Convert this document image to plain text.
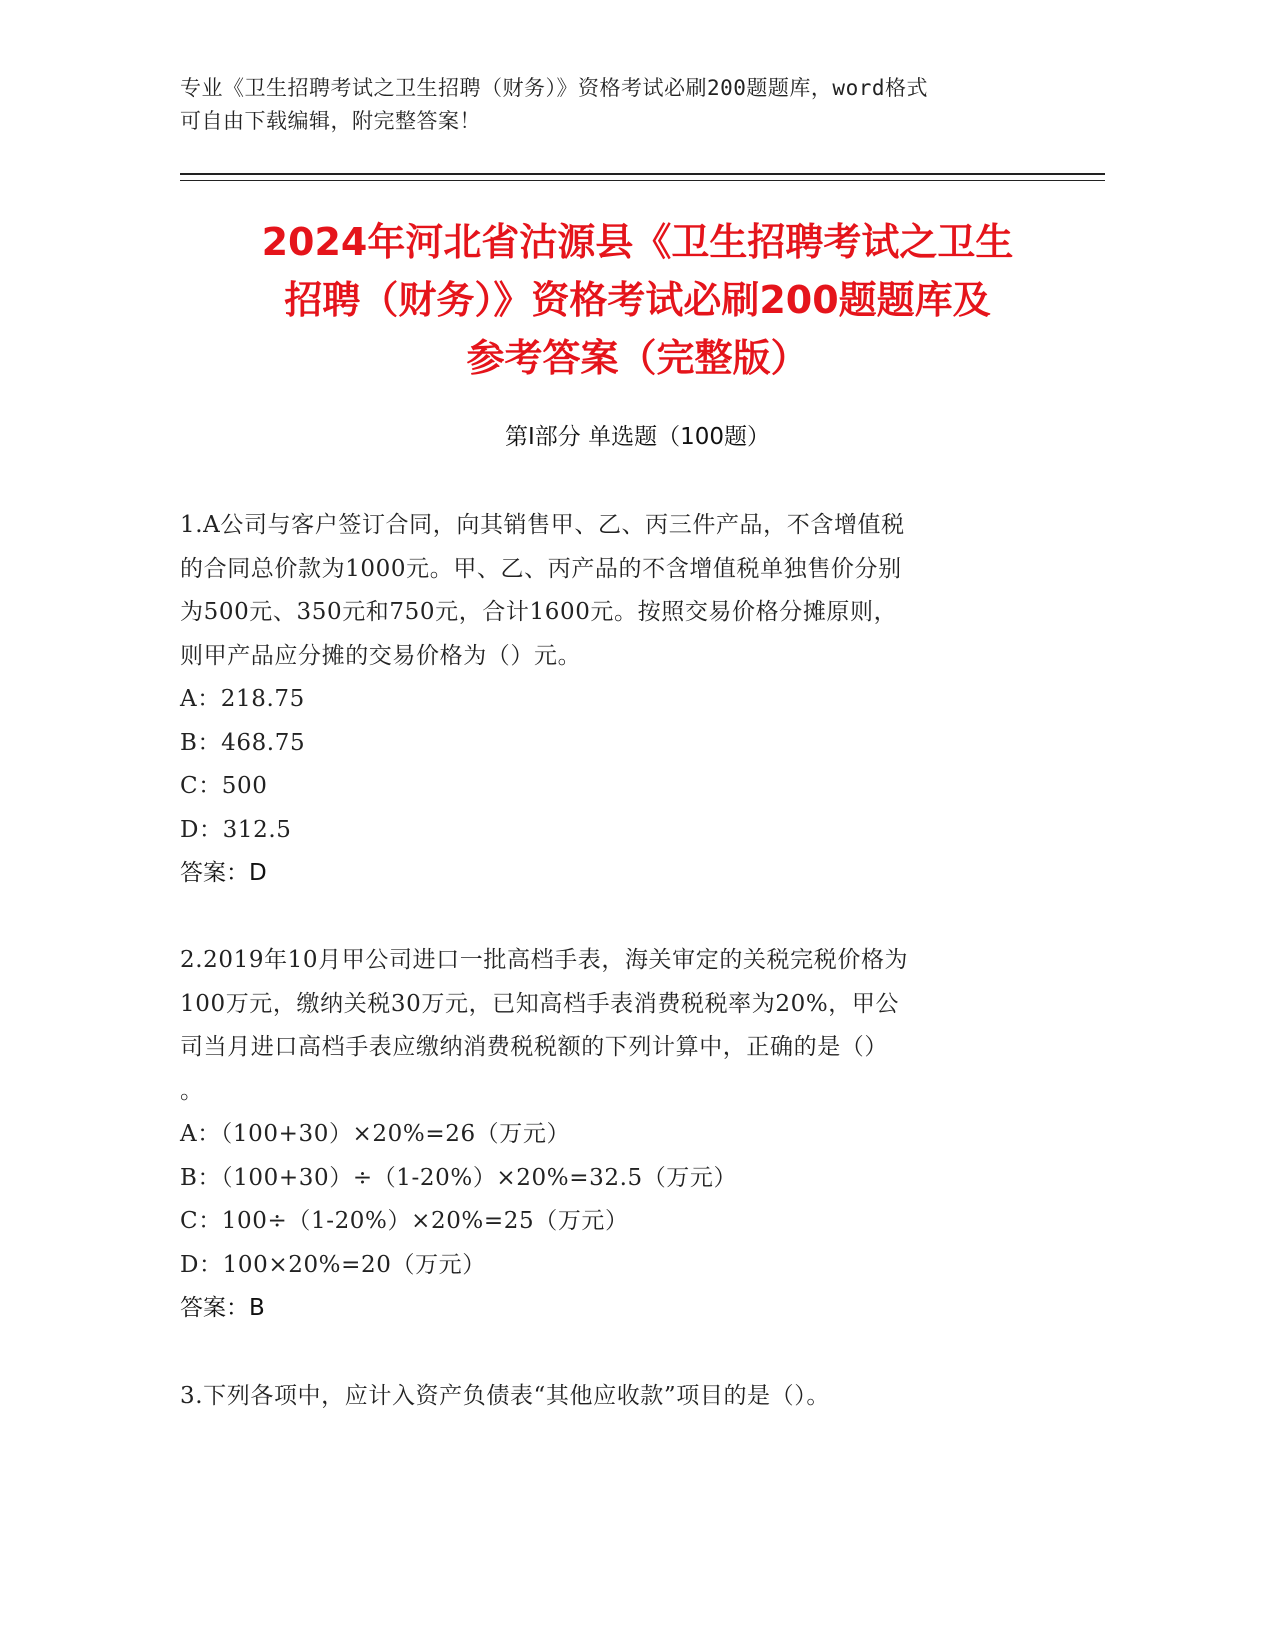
专业《卫生招聘考试之卫生招聘（财务）》资格考试必刷200题题库，word格式
可自由下载编辑，附完整答案！
2024年河北省沽源县《卫生招聘考试之卫生
招聘（财务）》资格考试必刷200题题库及
参考答案（完整版）
第Ⅰ部分 单选题（100题）
1.A公司与客户签订合同，向其销售甲、乙、丙三件产品，不含增值税
的合同总价款为1000元。甲、乙、丙产品的不含增值税单独售价分别
为500元、350元和750元，合计1600元。按照交易价格分摊原则，
则甲产品应分摊的交易价格为（）元。
A：218.75
B：468.75
C：500
D：312.5
答案：D
2.2019年10月甲公司进口一批高档手表，海关审定的关税完税价格为
100万元，缴纳关税30万元，已知高档手表消费税税率为20%，甲公
司当月进口高档手表应缴纳消费税税额的下列计算中，正确的是（）
。
A：（100+30）×20%=26（万元）
B：（100+30）÷（1-20%）×20%=32.5（万元）
C：100÷（1-20%）×20%=25（万元）
D：100×20%=20（万元）
答案：B
3.下列各项中，应计入资产负债表“其他应收款”项目的是（）。
